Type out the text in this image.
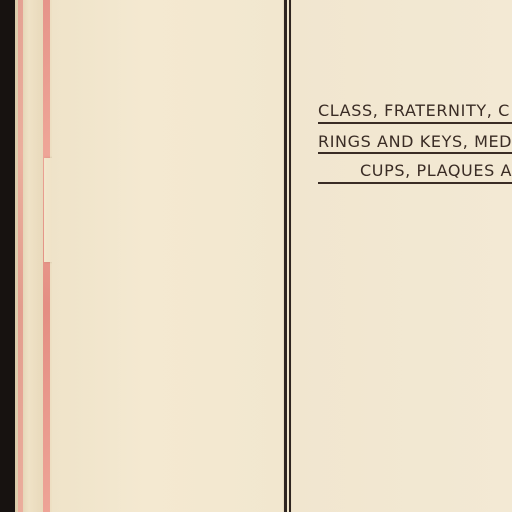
CLASS, FRATERNITY, C
RINGS AND KEYS, MED
CUPS, PLAQUES A
